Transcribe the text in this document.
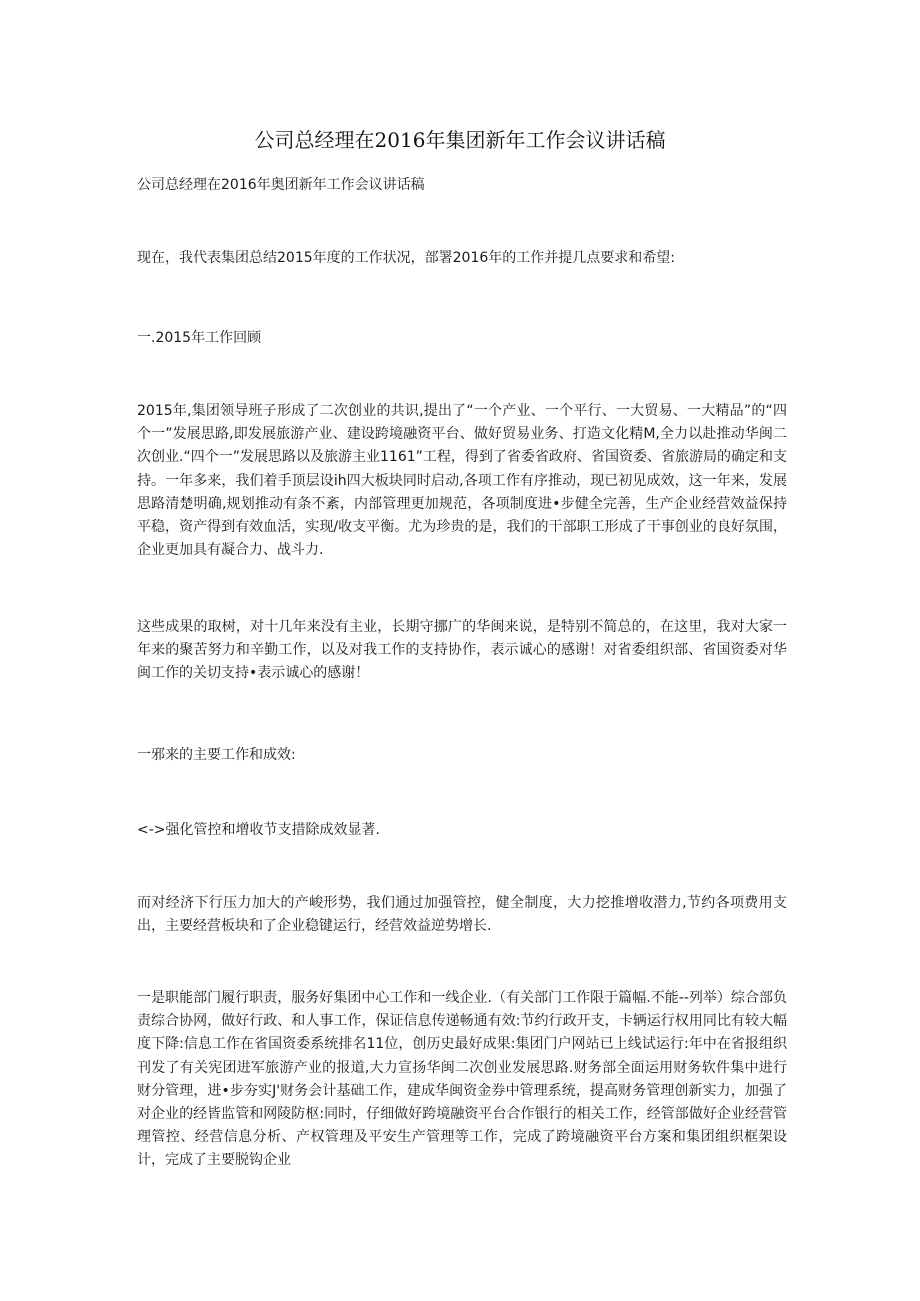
公司总经理在2016年集团新年工作会议讲话稿

公司总经理在2016年奥团新年工作会议讲话稿

现在，我代表集团总结2015年度的工作状况，部署2016年的工作并提几点要求和希望:

一.2015年工作回顾

2015年,集团领导班子形成了二次创业的共识,提出了“一个产业、一个平行、一大贸易、一大精品”的“四个一”发展思路,即发展旅游产业、建设跨境融资平台、做好贸易业务、打造文化精M,全力以赴推动华闽二次创业.“四个一”发展思路以及旅游主业1161”工程，得到了省委省政府、省国资委、省旅游局的确定和支持。一年多来，我们着手顶层设ih四大板块同时启动,各项工作有序推动，现已初见成效，这一年来，发展思路清楚明确,规划推动有条不紊，内部管理更加规范，各项制度进•步健全完善，生产企业经营效益保持平稳，资产得到有效血活，实现/收支平衡。尤为珍贵的是，我们的干部职工形成了干事创业的良好氛围，企业更加具有凝合力、战斗力.

这些成果的取树，对十几年来没有主业，长期守挪广的华闽来说，是特别不简总的，在这里，我对大家一年来的聚苦努力和辛勤工作，以及对我工作的支持协作，表示诚心的感谢！对省委组织部、省国资委对华闽工作的关切支持•表示诚心的感谢！

一邪来的主要工作和成效:

<->强化管控和增收节支措除成效显著.

而对经济下行压力加大的产峻形势，我们通过加强管控，健全制度，大力挖推增收潜力,节约各项费用支出，主要经营板块和了企业稳键运行，经营效益逆势增长.

一是职能部门履行职责，服务好集团中心工作和一线企业.（有关部门工作限于篇幅.不能--列举）综合部负责综合协网，做好行政、和人事工作，保证信息传递畅通有效:节约行政开支，卡辆运行权用同比有较大幅度下降:信息工作在省国资委系统排名11位，创历史最好成果:集团门户网站已上线试运行:年中在省报组织刊发了有关宪团进军旅游产业的报道,大力宣扬华闽二次创业发展思路.财务部全面运用财务软件集中进行财分管理，进•步夯实J'财务会计基础工作，建成华闽资金券中管理系统，提高财务管理创新实力，加强了对企业的经皆监管和网陵防枢:同时，仔细做好跨境融资平台合作银行的相关工作，经管部做好企业经营管理管控、经营信息分析、产权管理及平安生产管理等工作，完成了跨境融资平台方案和集团组织框架设计，完成了主要脱钩企业
